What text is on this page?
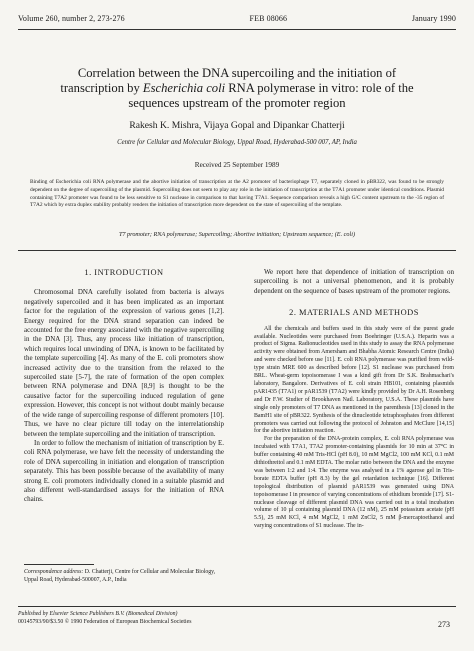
Volume 260, number 2, 273-276	FEB 08066	January 1990
Correlation between the DNA supercoiling and the initiation of
transcription by Escherichia coli RNA polymerase in vitro: role of the
sequences upstream of the promoter region
Rakesh K. Mishra, Vijaya Gopal and Dipankar Chatterji
Centre for Cellular and Molecular Biology, Uppal Road, Hyderabad-500 007, AP, India
Received 25 September 1989
Binding of Escherichia coli RNA polymerase and the abortive initiation of transcription at the A2 promoter of bacteriophage T7, separately cloned in pBR322, was found to be strongly dependent on the degree of supercoiling of the plasmid. Supercoiling does not seem to play any role in the initiation of transcription at the T7A1 promoter under identical conditions. Plasmid containing T7A2 promoter was found to be less sensitive to S1 nuclease in comparison to that having T7A1. Sequence comparison reveals a high G/C content upstream to the -35 region of T7A2 which by extra duplex stability probably renders the initiation of transcription more dependent on the state of supercoiling of the template.
T7 promoter; RNA polymerase; Supercoiling; Abortive initiation; Upstream sequence; (E. coli)
1. INTRODUCTION

Chromosomal DNA carefully isolated from bacteria is always negatively supercoiled and it has been implicated as an important factor for the regulation of the expression of various genes [1,2]. Energy required for the DNA strand separation can indeed be accounted for the free energy associated with the negative supercoiling in the DNA [3]. Thus, any process like initiation of transcription, which requires local unwinding of DNA, is known to be facilitated by the template supercoiling [4]. As many of the E. coli promoters show increased activity due to the transition from the relaxed to the supercoiled state [5-7], the rate of formation of the open complex between RNA polymerase and DNA [8,9] is thought to be the causative factor for the supercoiling induced regulation of gene expression. However, this concept is not without doubt mainly because of the wide range of supercoiling response of different promoters [10]. Thus, we have no clear picture till today on the interrelationship between the template supercoiling and the initiation of transcription.

In order to follow the mechanism of initiation of transcription by E. coli RNA polymerase, we have felt the necessity of understanding the role of DNA supercoiling in initiation and elongation of transcription separately. This has been possible because of the availability of many strong E. coli promoters individually cloned in a suitable plasmid and also different well-standardised assays for the initiation of RNA chains.

We report here that dependence of initiation of transcription on supercoiling is not a universal phenomenon, and it is probably dependent on the sequence of bases upstream of the promoter regions.

2. MATERIALS AND METHODS

All the chemicals and buffers used in this study were of the purest grade available. Nucleotides were purchased from Boehringer (U.S.A.). Heparin was a product of Sigma. Radionucleotides used in this study to assay the RNA polymerase activity were obtained from Amersham and Bhabha Atomic Research Centre (India) and were checked before use [11]. E. coli RNA polymerase was purified from wild-type strain MRE 600 as described before [12]. S1 nuclease was purchased from BRL. Wheat-germ topoisomerase I was a kind gift from Dr S.K. Brahmachari's laboratory, Bangalore. Derivatives of E. coli strain HB101, containing plasmids pAR1435 (T7A1) or pAR1539 (T7A2) were kindly provided by Dr A.H. Rosenberg and Dr F.W. Studier of Brookhaven Natl. Laboratory, U.S.A. These plasmids have single only promoters of T7 DNA as mentioned in the parenthesis [13] cloned in the BamH1 site of pBR322. Synthesis of the dinucleotide tetraphosphates from different promoters was carried out following the protocol of Johnston and McClure [14,15] for the abortive initiation reaction.

For the preparation of the DNA-protein complex, E. coli RNA polymerase was incubated with T7A1, T7A2 promoter-containing plasmids for 10 min at 37°C in buffer containing 40 mM Tris-HCl (pH 8.0), 10 mM MgCl2, 100 mM KCl, 0.1 mM dithiothreitol and 0.1 mM EDTA. The molar ratio between the DNA and the enzyme was between 1:2 and 1:4. The enzyme was analysed in a 1% agarose gel in Tris-borate EDTA buffer (pH 8.3) by the gel retardation technique [16]. Different topological distribution of plasmid pAR1539 was generated using DNA topoisomerase I in presence of varying concentrations of ethidium bromide [17]. S1-nuclease cleavage of different plasmid DNA was carried out in a total incubation volume of 10 µl containing plasmid DNA (12 nM), 25 mM potassium acetate (pH 5.5), 25 mM KCl, 4 mM MgCl2, 1 mM ZnCl2, 5 mM β-mercaptoethanol and varying concentrations of S1 nuclease. The in-

Correspondence address: D. Chatterji, Centre for Cellular and Molecular Biology, Uppal Road, Hyderabad-500007, A.P., India
Published by Elsevier Science Publishers B.V. (Biomedical Division)
00145793/90/$3.50 © 1990 Federation of European Biochemical Societies	273
